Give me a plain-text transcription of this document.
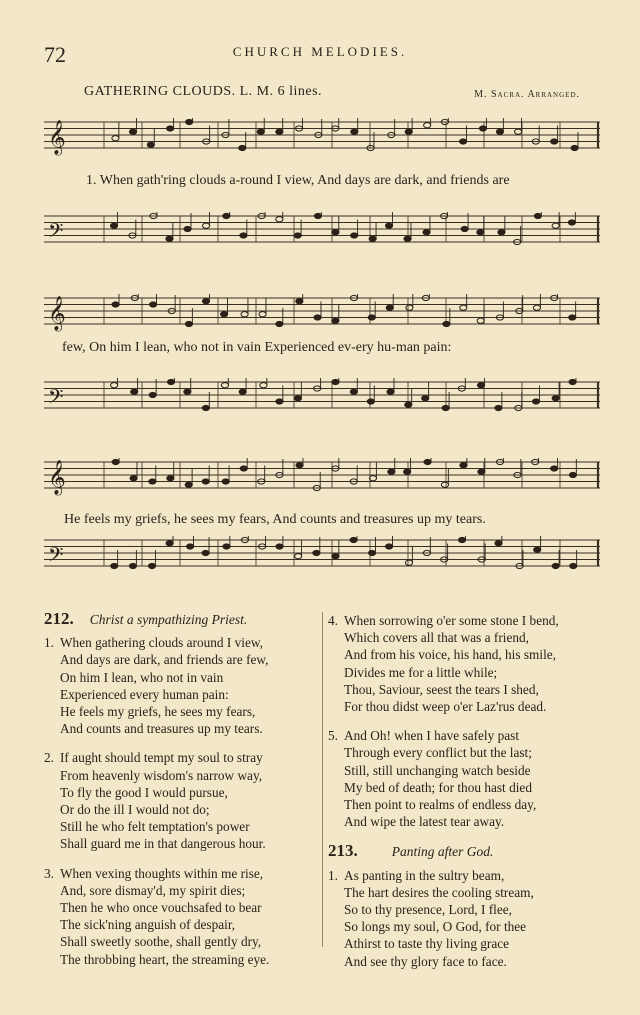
72	CHURCH MELODIES.
GATHERING CLOUDS. L. M. 6 lines.	M. Sacra. Arranged.
𝄞
𝄢
1. When gath'ring clouds a-round I view, And days are dark, and friends are
𝄞
𝄢
few, On him I lean, who not in vain Experienced ev-ery hu-man pain:
𝄞
𝄢
He feels my griefs, he sees my fears, And counts and treasures up my tears.
212. Christ a sympathizing Priest.
1. When gathering clouds around I view,
And days are dark, and friends are few,
On him I lean, who not in vain
Experienced every human pain:
He feels my griefs, he sees my fears,
And counts and treasures up my tears.
2. If aught should tempt my soul to stray
From heavenly wisdom's narrow way,
To fly the good I would pursue,
Or do the ill I would not do;
Still he who felt temptation's power
Shall guard me in that dangerous hour.
3. When vexing thoughts within me rise,
And, sore dismay'd, my spirit dies;
Then he who once vouchsafed to bear
The sick'ning anguish of despair,
Shall sweetly soothe, shall gently dry,
The throbbing heart, the streaming eye.
4. When sorrowing o'er some stone I bend,
Which covers all that was a friend,
And from his voice, his hand, his smile,
Divides me for a little while;
Thou, Saviour, seest the tears I shed,
For thou didst weep o'er Laz'rus dead.
5. And Oh! when I have safely past
Through every conflict but the last;
Still, still unchanging watch beside
My bed of death; for thou hast died
Then point to realms of endless day,
And wipe the latest tear away.
213.	Panting after God.
1. As panting in the sultry beam,
The hart desires the cooling stream,
So to thy presence, Lord, I flee,
So longs my soul, O God, for thee
Athirst to taste thy living grace
And see thy glory face to face.
